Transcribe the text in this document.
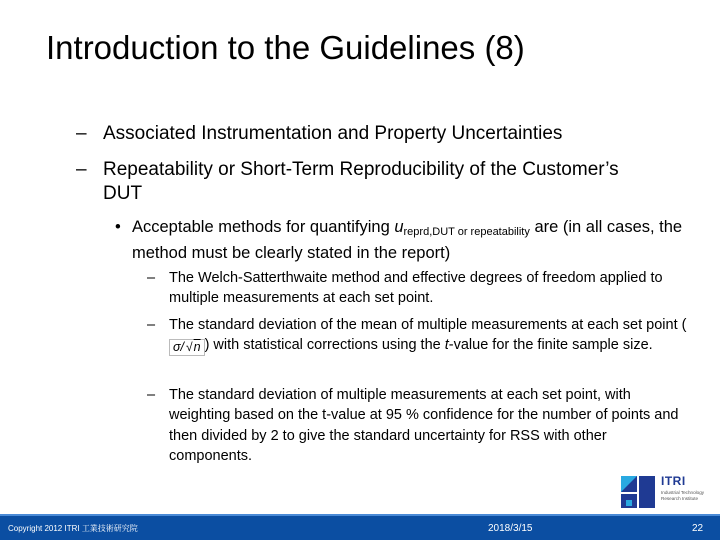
Introduction to the Guidelines (8)
– Associated Instrumentation and Property Uncertainties
– Repeatability or Short-Term Reproducibility of the Customer’s DUT
• Acceptable methods for quantifying $u_{reprd,DUT or repeatability}$ are (in all cases, the method must be clearly stated in the report)
– The Welch-Satterthwaite method and effective degrees of freedom applied to multiple measurements at each set point.
– The standard deviation of the mean of multiple measurements at each set point (
σ / √ n ) with statistical corrections using the t-value for the finite sample size.
– The standard deviation of multiple measurements at each set point, with weighting based on the t-value at 95 % confidence for the number of points and then divided by 2 to give the standard uncertainty for RSS with other components.
ITRI
Industrial Technology
Research Institute
Copyright 2012 ITRI 工業技術研究院	2018/3/15	22
